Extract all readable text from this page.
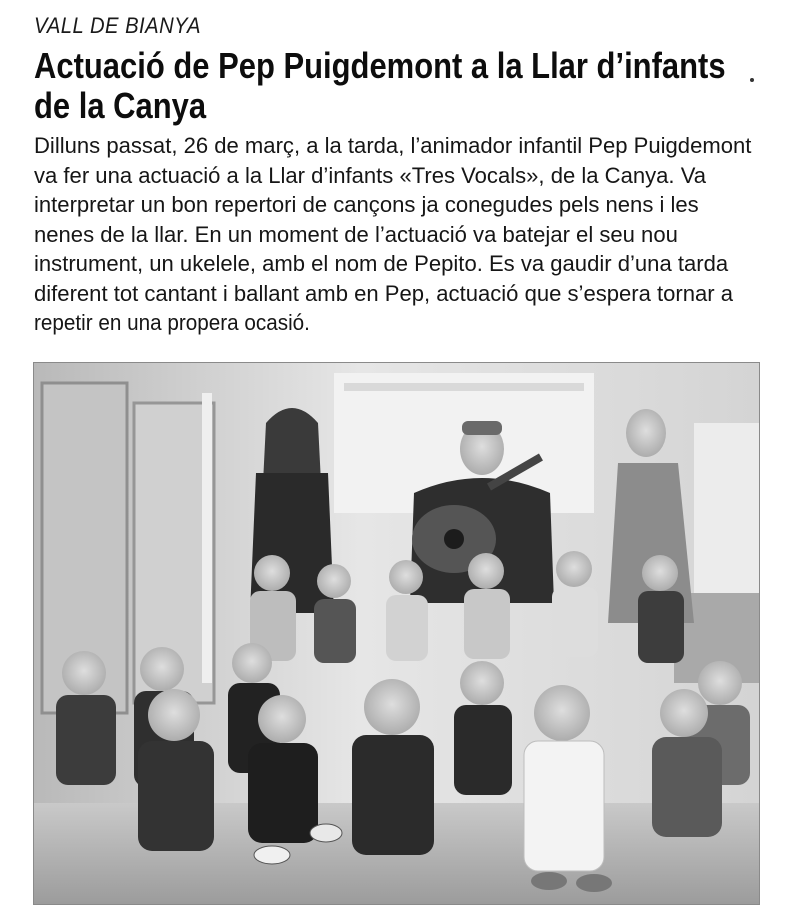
VALL DE BIANYA
Actuació de Pep Puigdemont a la Llar d’infants
de la Canya
Dilluns passat, 26 de març, a la tarda, l’animador infantil Pep Puigdemont
va fer una actuació a la Llar d’infants «Tres Vocals», de la Canya. Va
interpretar un bon repertori de cançons ja conegudes pels nens i les
nenes de la llar. En un moment de l’actuació va batejar el seu nou
instrument, un ukelele, amb el nom de Pepito. Es va gaudir d’una tarda
diferent tot cantant i ballant amb en Pep, actuació que s’espera tornar a
repetir en una propera ocasió.
